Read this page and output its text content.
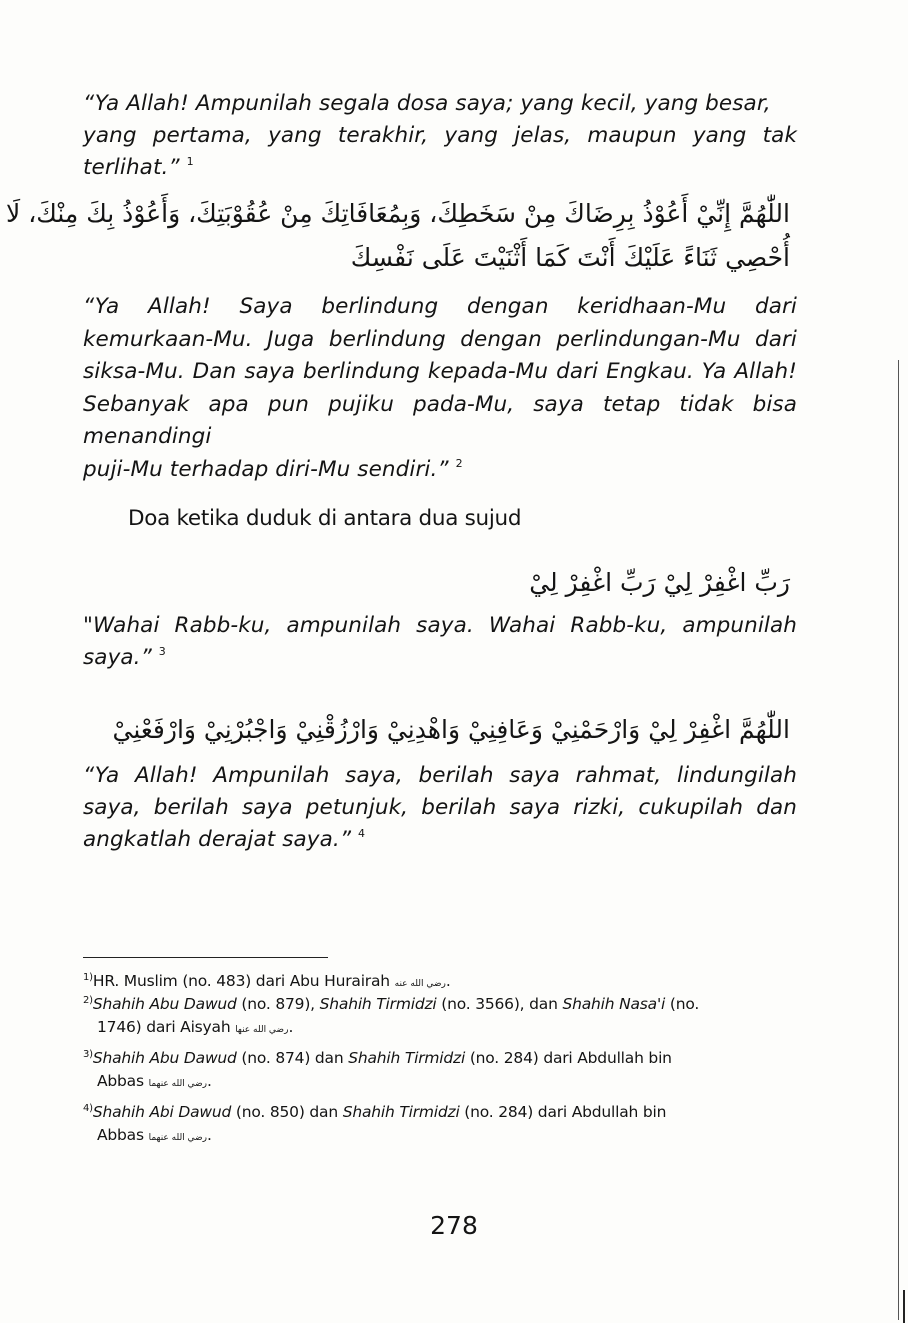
“Ya Allah! Ampunilah segala dosa saya; yang kecil, yang besar,
yang pertama, yang terakhir, yang jelas, maupun yang tak terlihat.” $^1$
اللّٰهُمَّ إِنِّيْ أَعُوْذُ بِرِضَاكَ مِنْ سَخَطِكَ، وَبِمُعَافَاتِكَ مِنْ عُقُوْبَتِكَ، وَأَعُوْذُ بِكَ مِنْكَ، لَا
أُحْصِي ثَنَاءً عَلَيْكَ أَنْتَ كَمَا أَثْنَيْتَ عَلَى نَفْسِكَ
“Ya Allah! Saya berlindung dengan keridhaan-Mu dari
kemurkaan-Mu. Juga berlindung dengan perlindungan-Mu dari
siksa-Mu. Dan saya berlindung kepada-Mu dari Engkau. Ya Allah!
Sebanyak apa pun pujiku pada-Mu, saya tetap tidak bisa menandingi
puji-Mu terhadap diri-Mu sendiri.” $^2$
Doa ketika duduk di antara dua sujud
رَبِّ اغْفِرْ لِيْ رَبِّ اغْفِرْ لِيْ
"Wahai Rabb-ku, ampunilah saya. Wahai Rabb-ku, ampunilah
saya.” $^3$
اللّٰهُمَّ اغْفِرْ لِيْ وَارْحَمْنِيْ وَعَافِنِيْ وَاهْدِنِيْ وَارْزُقْنِيْ وَاجْبُرْنِيْ وَارْفَعْنِيْ
“Ya Allah! Ampunilah saya, berilah saya rahmat, lindungilah
saya, berilah saya petunjuk, berilah saya rizki, cukupilah dan
angkatlah derajat saya.” $^4$
$^{1)}$HR. Muslim (no. 483) dari Abu Hurairah رضي الله عنه.
$^{2)}$Shahih Abu Dawud (no. 879), Shahih Tirmidzi (no. 3566), dan Shahih Nasa'i (no.
1746) dari Aisyah رضي الله عنها.
$^{3)}$Shahih Abu Dawud (no. 874) dan Shahih Tirmidzi (no. 284) dari Abdullah bin
Abbas رضي الله عنهما.
$^{4)}$Shahih Abi Dawud (no. 850) dan Shahih Tirmidzi (no. 284) dari Abdullah bin
Abbas رضي الله عنهما.
278
